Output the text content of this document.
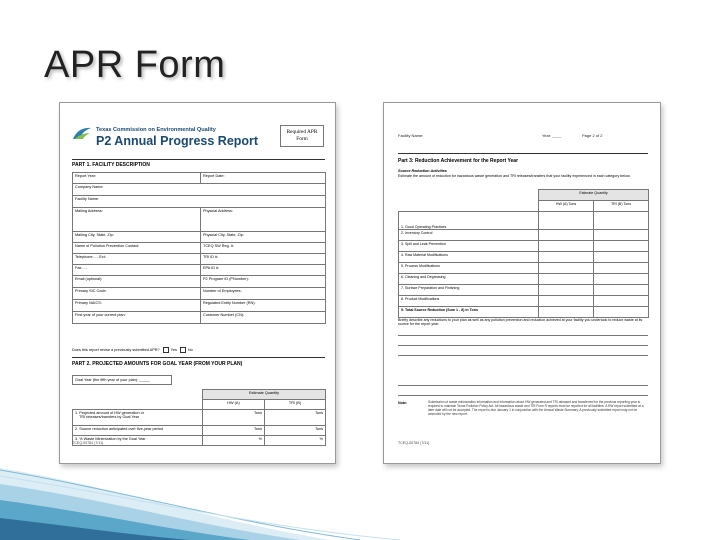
APR Form
Texas Commission on Environmental Quality
P2 Annual Progress Report
Required APR
Form
PART 1. FACILITY DESCRIPTION
Report Year:	Report Date:
Company Name:	
Facility Name:	
Mailing Address:	Physical Address:
Mailing City, State, Zip:	Physical City, State, Zip:
Name of Pollution Prevention Contact:	TCEQ SW Reg. #:
Telephone: - - Ext:	TRI ID #:
Fax: - -	EPA ID #:
Email (optional):	P2 Program ID (PNumber):
Primary SIC Code:	Number of Employees:
Primary NAICS:	Regulated Entity Number (RN):
First year of your current plan:	Customer Number (CN):
Does this report revise a previously submitted APR?	Yes	No
PART 2. PROJECTED AMOUNTS FOR GOAL YEAR (FROM YOUR PLAN)
Goal Year (the fifth year of your plan): _____
	Estimate Quantity	
	HW (A)	TRI (B)

1. Projected amount of HW generation or
TRI releases/transfers by Goal Year	Tons	Tons
2. Source reduction anticipated over five-year period	Tons	Tons
3. % Waste Minimization by the Goal Year	%	%
TCEQ-00784 (7/11)
Facility Name:	Year: ____	Page 2 of 2
Part 3: Reduction Achievement for the Report Year
Source Reduction Activities
Estimate the amount of reduction for hazardous waste generation and TRI releases/transfers that your facility experienced in each category below.
	Estimate Quantity	
	HW (A) Tons	TRI (B) Tons
1. Good Operating Practices		
2. Inventory Control		
3. Spill and Leak Prevention		
4. Raw Material Modifications		
5. Process Modifications		
6. Cleaning and Degreasing		
7. Surface Preparation and Finishing		
8. Product Modifications		
9. Total Source Reduction (Sum 1 - 8) in Tons		
Briefly describe any reductions to your plan as well as any pollution prevention and reduction achieved at your facility you undertook to reduce waste at its source for the report year.
Note:	Submission of waste minimization information and information about HW generated and TRI released and transferred for the previous reporting year is required to maintain Texas Pollution Policy Act. All hazardous waste and TRI Form R reports must be reported for all facilities. A HW report submitted at a later date will not be accepted. The report is due January 1 in conjunction with the Annual Waste Summary. A previously submitted report may not be amended by the new report.
TCEQ-00784 (7/11)
